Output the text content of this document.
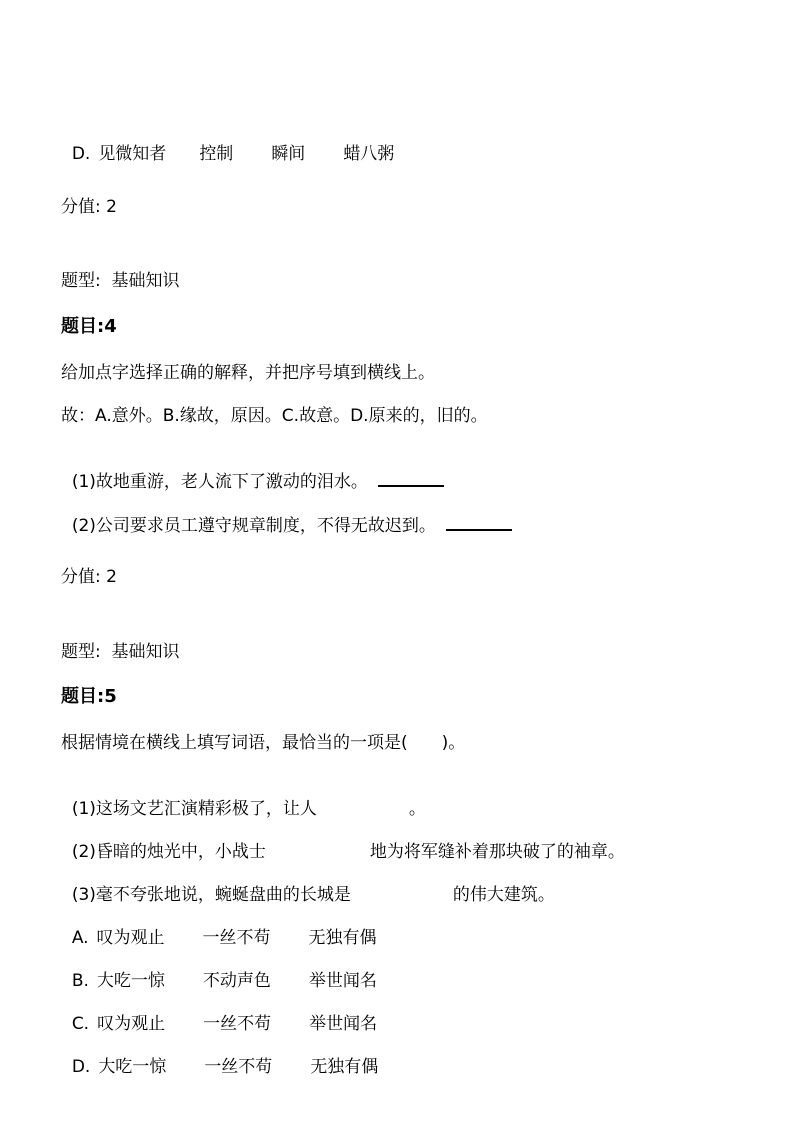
D. 见微知者 控制 瞬间 蜡八粥

分值: 2
题型:  基础知识
题目:4
给加点字选择正确的解释，并把序号填到横线上。
故：A.意外。B.缘故，原因。C.故意。D.原来的，旧的。

(1)故地重游，老人流下了激动的泪水。

(2)公司要求员工遵守规章制度，不得无故迟到。

分值: 2
题型:  基础知识
题目:5
根据情境在横线上填写词语，最恰当的一项是(　　)。

(1)这场文艺汇演精彩极了，让人	。

(2)昏暗的烛光中，小战士	地为将军缝补着那块破了的袖章。

(3)毫不夸张地说，蜿蜒盘曲的长城是	的伟大建筑。

A. 叹为观止 一丝不苟 无独有偶

B. 大吃一惊 不动声色 举世闻名

C. 叹为观止 一丝不苟 举世闻名

D. 大吃一惊 一丝不苟 无独有偶
